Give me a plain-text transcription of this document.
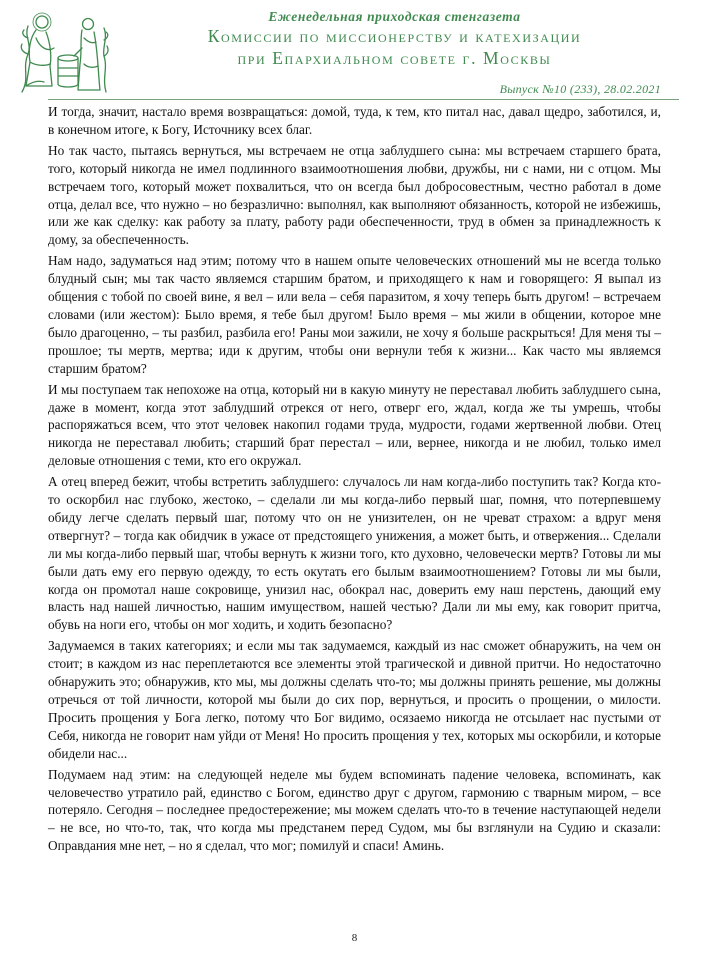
Еженедельная приходская стенгазета
Комиссии по миссионерству и катехизации
при Епархиальном совете г. Москвы
Выпуск №10 (233), 28.02.2021

И тогда, значит, настало время возвращаться: домой, туда, к тем, кто питал нас, давал щедро, заботился, и, в конечном итоге, к Богу, Источнику всех благ.

Но так часто, пытаясь вернуться, мы встречаем не отца заблудшего сына: мы встречаем старшего брата, того, который никогда не имел подлинного взаимоотношения любви, дружбы, ни с нами, ни с отцом. Мы встречаем того, который может похвалиться, что он всегда был добросовестным, честно работал в доме отца, делал все, что нужно – но безразлично: выполнял, как выполняют обязанность, которой не избежишь, или же как сделку: как работу за плату, работу ради обеспеченности, труд в обмен за принадлежность к дому, за обеспеченность.

Нам надо, задуматься над этим; потому что в нашем опыте человеческих отношений мы не всегда только блудный сын; мы так часто являемся старшим братом, и приходящего к нам и говорящего: Я выпал из общения с тобой по своей вине, я вел – или вела – себя паразитом, я хочу теперь быть другом! – встречаем словами (или жестом): Было время, я тебе был другом! Было время – мы жили в общении, которое мне было драгоценно, – ты разбил, разбила его! Раны мои зажили, не хочу я больше раскрыться! Для меня ты – прошлое; ты мертв, мертва; иди к другим, чтобы они вернули тебя к жизни... Как часто мы являемся старшим братом?

И мы поступаем так непохоже на отца, который ни в какую минуту не переставал любить заблудшего сына, даже в момент, когда этот заблудший отрекся от него, отверг его, ждал, когда же ты умрешь, чтобы распоряжаться всем, что этот человек накопил годами труда, мудрости, годами жертвенной любви. Отец никогда не переставал любить; старший брат перестал – или, вернее, никогда и не любил, только имел деловые отношения с теми, кто его окружал.

А отец вперед бежит, чтобы встретить заблудшего: случалось ли нам когда-либо поступить так? Когда кто-то оскорбил нас глубоко, жестоко, – сделали ли мы когда-либо первый шаг, помня, что потерпевшему обиду легче сделать первый шаг, потому что он не унизителен, он не чреват страхом: а вдруг меня отвергнут? – тогда как обидчик в ужасе от предстоящего унижения, а может быть, и отвержения... Сделали ли мы когда-либо первый шаг, чтобы вернуть к жизни того, кто духовно, человечески мертв? Готовы ли мы были дать ему его первую одежду, то есть окутать его былым взаимоотношением? Готовы ли мы были, когда он промотал наше сокровище, унизил нас, обокрал нас, доверить ему наш перстень, дающий ему власть над нашей личностью, нашим имуществом, нашей честью? Дали ли мы ему, как говорит притча, обувь на ноги его, чтобы он мог ходить, и ходить безопасно?

Задумаемся в таких категориях; и если мы так задумаемся, каждый из нас сможет обнаружить, на чем он стоит; в каждом из нас переплетаются все элементы этой трагической и дивной притчи. Но недостаточно обнаружить это; обнаружив, кто мы, мы должны сделать что-то; мы должны принять решение, мы должны отречься от той личности, которой мы были до сих пор, вернуться, и просить о прощении, о милости. Просить прощения у Бога легко, потому что Бог видимо, осязаемо никогда не отсылает нас пустыми от Себя, никогда не говорит нам уйди от Меня! Но просить прощения у тех, которых мы оскорбили, и которые обидели нас...

Подумаем над этим: на следующей неделе мы будем вспоминать падение человека, вспоминать, как человечество утратило рай, единство с Богом, единство друг с другом, гармонию с тварным миром, – все потеряло. Сегодня – последнее предостережение; мы можем сделать что-то в течение наступающей недели – не все, но что-то, так, что когда мы предстанем перед Судом, мы бы взглянули на Судию и сказали: Оправдания мне нет, – но я сделал, что мог; помилуй и спаси! Аминь.

8
